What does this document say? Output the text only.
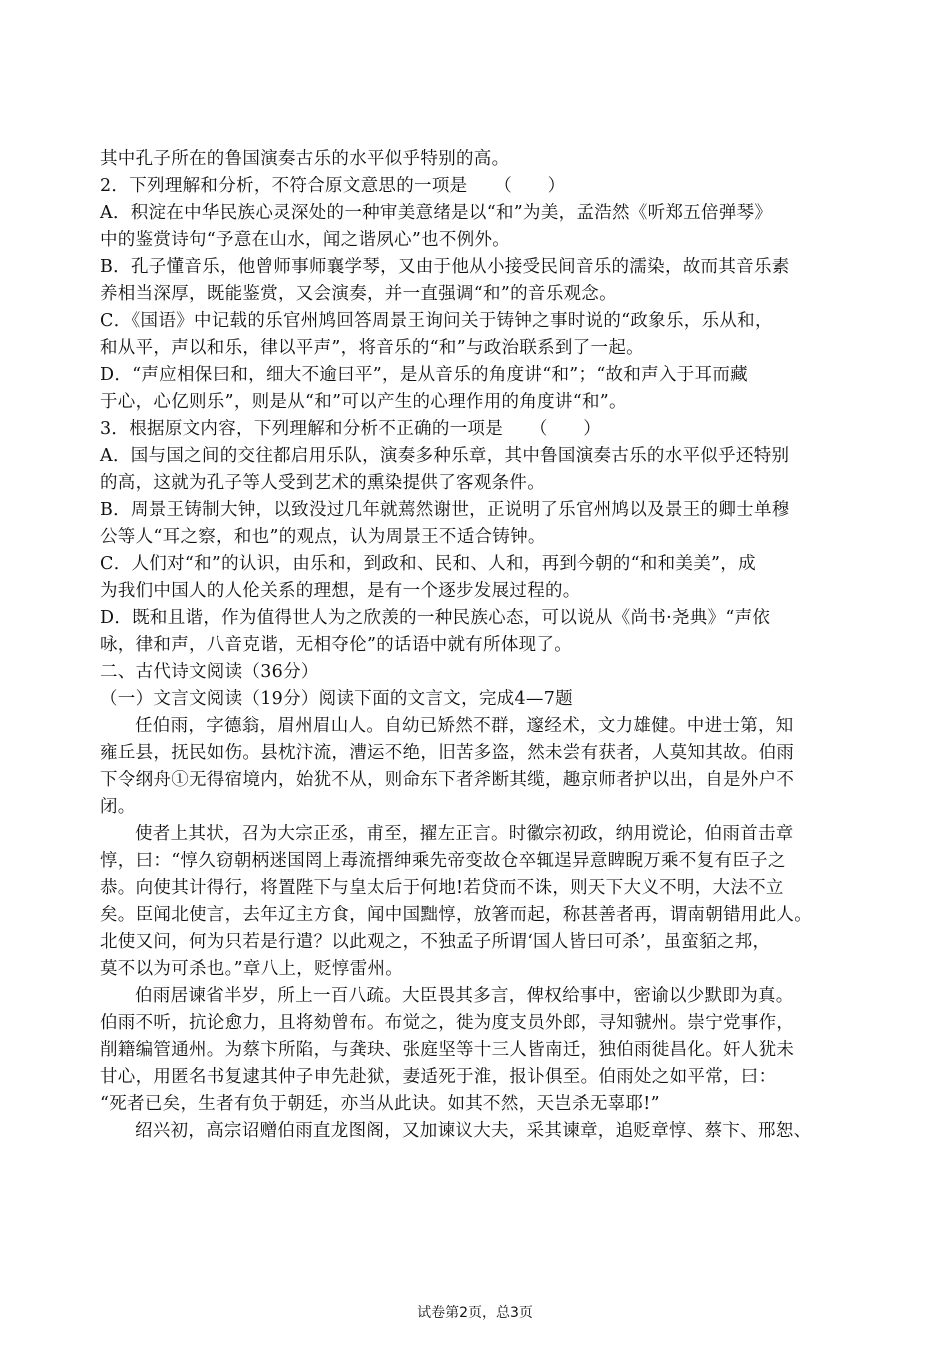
其中孔子所在的鲁国演奏古乐的水平似乎特别的高。
2．下列理解和分析，不符合原文意思的一项是　　（　　）
A．积淀在中华民族心灵深处的一种审美意绪是以“和”为美，孟浩然《听郑五倍弹琴》
中的鉴赏诗句“予意在山水，闻之谐夙心”也不例外。
B．孔子懂音乐，他曾师事师襄学琴，又由于他从小接受民间音乐的濡染，故而其音乐素
养相当深厚，既能鉴赏，又会演奏，并一直强调“和”的音乐观念。
C．《国语》中记载的乐官州鸠回答周景王询问关于铸钟之事时说的“政象乐，乐从和，
和从平，声以和乐，律以平声”，将音乐的“和”与政治联系到了一起。
D．“声应相保曰和，细大不逾曰平”，是从音乐的角度讲“和”；“故和声入于耳而藏
于心，心亿则乐”，则是从“和”可以产生的心理作用的角度讲“和”。
3．根据原文内容，下列理解和分析不正确的一项是　　（　　）
A．国与国之间的交往都启用乐队，演奏多种乐章，其中鲁国演奏古乐的水平似乎还特别
的高，这就为孔子等人受到艺术的熏染提供了客观条件。
B．周景王铸制大钟，以致没过几年就蔫然谢世，正说明了乐官州鸠以及景王的卿士单穆
公等人“耳之察，和也”的观点，认为周景王不适合铸钟。
C．人们对“和”的认识，由乐和，到政和、民和、人和，再到今朝的“和和美美”，成
为我们中国人的人伦关系的理想，是有一个逐步发展过程的。
D．既和且谐，作为值得世人为之欣羡的一种民族心态，可以说从《尚书·尧典》“声依
咏，律和声，八音克谐，无相夺伦”的话语中就有所体现了。
二、古代诗文阅读（36分）
（一）文言文阅读（19分）阅读下面的文言文，完成4—7题
任伯雨，字德翁，眉州眉山人。自幼已矫然不群，邃经术，文力雄健。中进士第，知
雍丘县，抚民如伤。县枕汴流，漕运不绝，旧苦多盗，然未尝有获者，人莫知其故。伯雨
下令纲舟①无得宿境内，始犹不从，则命东下者斧断其缆，趣京师者护以出，自是外户不
闭。
使者上其状，召为大宗正丞，甫至，擢左正言。时徽宗初政，纳用谠论，伯雨首击章
惇，曰：“惇久窃朝柄迷国罔上毒流搢绅乘先帝变故仓卒辄逞异意睥睨万乘不复有臣子之
恭。向使其计得行，将置陛下与皇太后于何地!若贷而不诛，则天下大义不明，大法不立
矣。臣闻北使言，去年辽主方食，闻中国黜惇，放箸而起，称甚善者再，谓南朝错用此人。
北使又问，何为只若是行遣？以此观之，不独孟子所谓‘国人皆曰可杀’，虽蛮貊之邦，
莫不以为可杀也。”章八上，贬惇雷州。
伯雨居谏省半岁，所上一百八疏。大臣畏其多言，俾权给事中，密谕以少默即为真。
伯雨不听，抗论愈力，且将劾曾布。布觉之，徙为度支员外郎，寻知虢州。崇宁党事作，
削籍编管通州。为蔡卞所陷，与龚玦、张庭坚等十三人皆南迁，独伯雨徙昌化。奸人犹未
甘心，用匿名书复逮其仲子申先赴狱，妻适死于淮，报讣俱至。伯雨处之如平常，曰：
“死者已矣，生者有负于朝廷，亦当从此诀。如其不然，天岂杀无辜耶!”
绍兴初，高宗诏赠伯雨直龙图阁，又加谏议大夫，采其谏章，追贬章惇、蔡卞、邢恕、
试卷第2页，总3页
